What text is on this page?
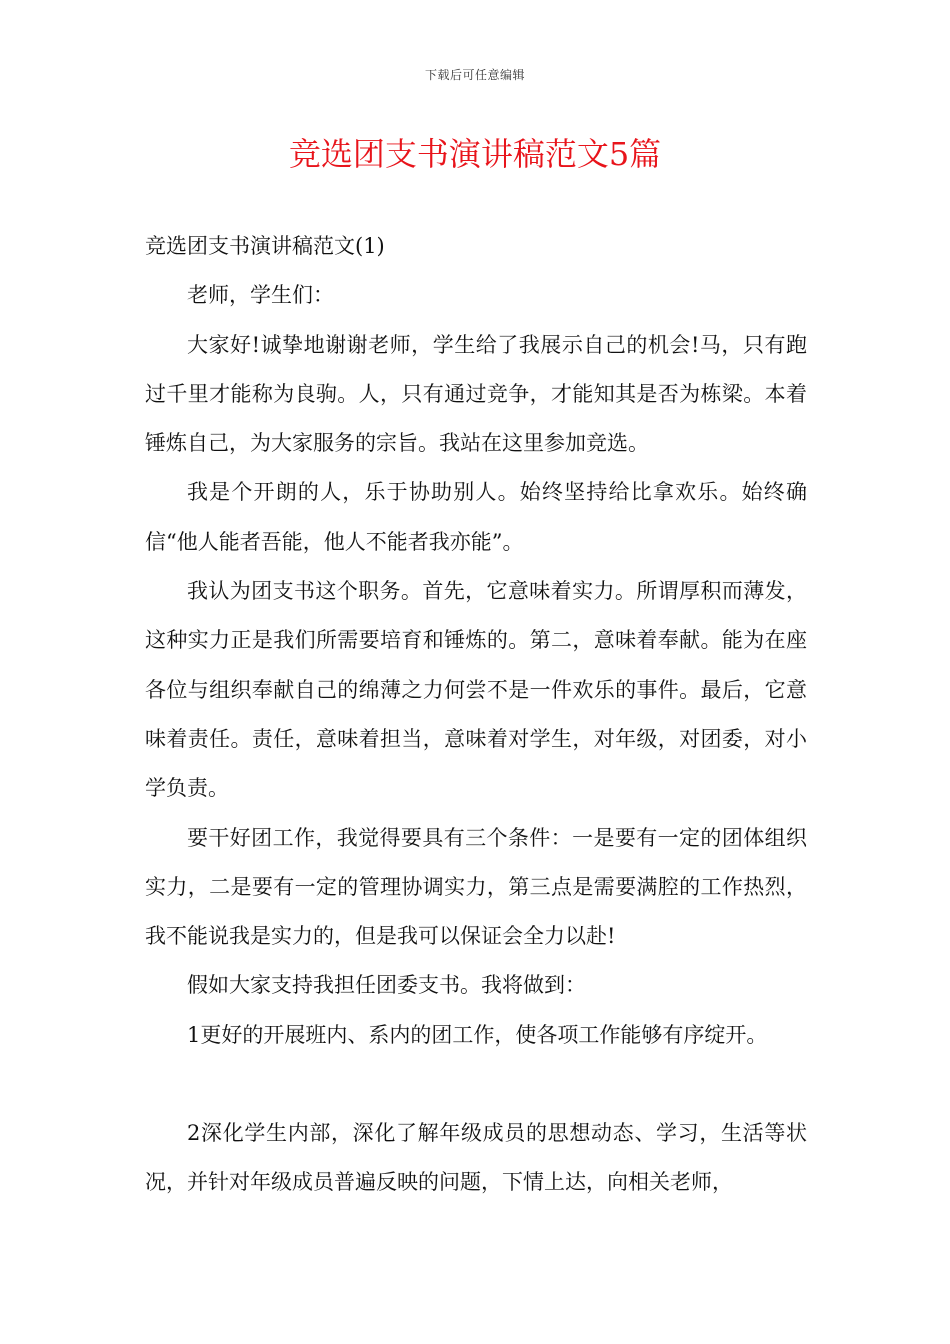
下载后可任意编辑
竞选团支书演讲稿范文5篇

竞选团支书演讲稿范文(1)

老师，学生们：

大家好!诚挚地谢谢老师，学生给了我展示自己的机会!马，只有跑过千里才能称为良驹。人，只有通过竞争，才能知其是否为栋梁。本着锤炼自己，为大家服务的宗旨。我站在这里参加竞选。

我是个开朗的人，乐于协助别人。始终坚持给比拿欢乐。始终确信“他人能者吾能，他人不能者我亦能”。

我认为团支书这个职务。首先，它意味着实力。所谓厚积而薄发，这种实力正是我们所需要培育和锤炼的。第二，意味着奉献。能为在座各位与组织奉献自己的绵薄之力何尝不是一件欢乐的事件。最后，它意味着责任。责任，意味着担当，意味着对学生，对年级，对团委，对小学负责。

要干好团工作，我觉得要具有三个条件：一是要有一定的团体组织实力，二是要有一定的管理协调实力，第三点是需要满腔的工作热烈，我不能说我是实力的，但是我可以保证会全力以赴!

假如大家支持我担任团委支书。我将做到：

1更好的开展班内、系内的团工作，使各项工作能够有序绽开。

2深化学生内部，深化了解年级成员的思想动态、学习，生活等状况，并针对年级成员普遍反映的问题，下情上达，向相关老师，
